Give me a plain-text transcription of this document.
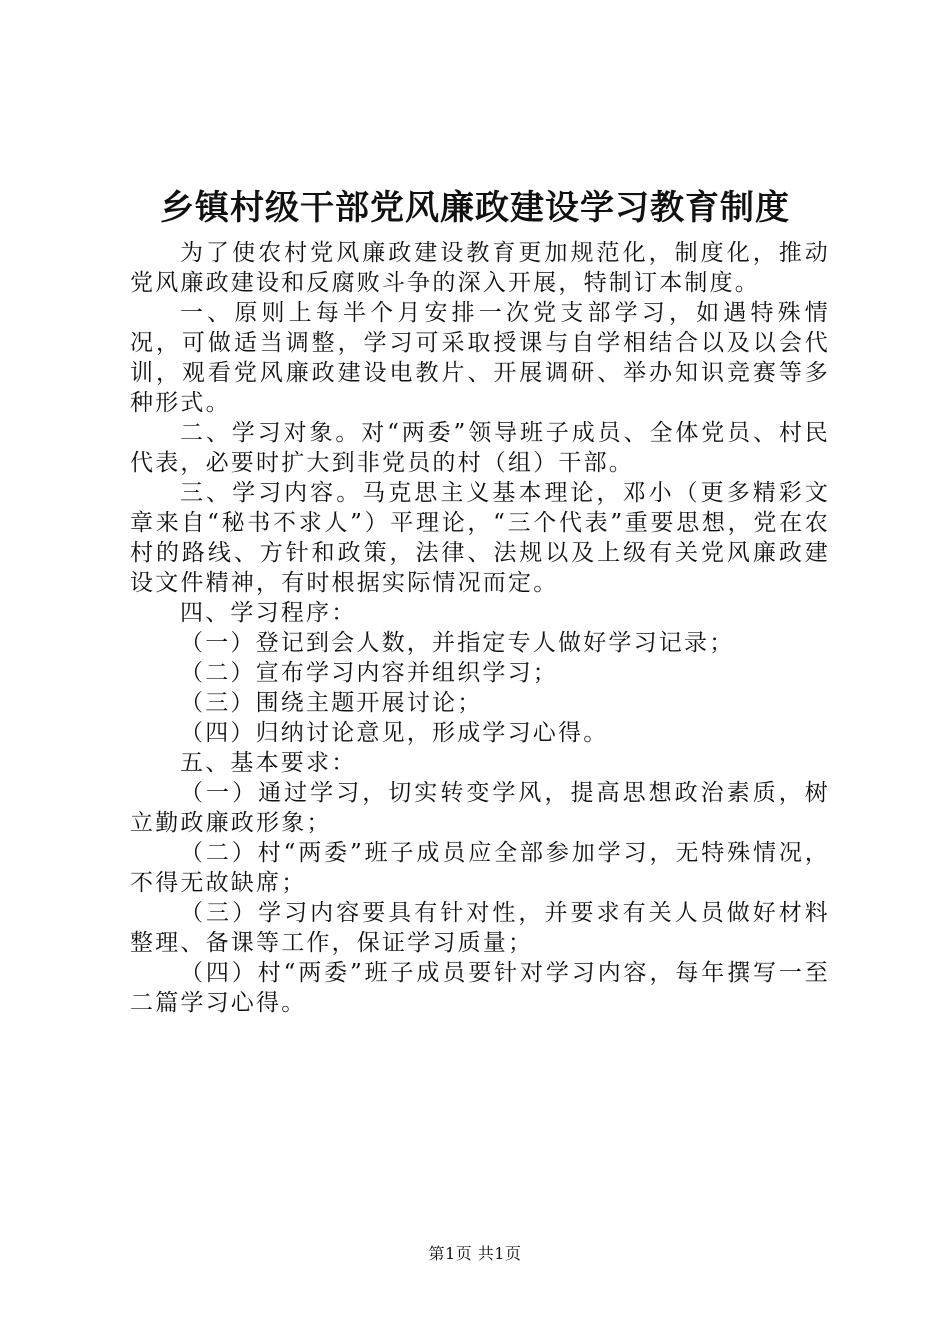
乡镇村级干部党风廉政建设学习教育制度

为了使农村党风廉政建设教育更加规范化，制度化，推动党风廉政建设和反腐败斗争的深入开展，特制订本制度。

一、原则上每半个月安排一次党支部学习，如遇特殊情况，可做适当调整，学习可采取授课与自学相结合以及以会代训，观看党风廉政建设电教片、开展调研、举办知识竞赛等多种形式。

二、学习对象。对“两委”领导班子成员、全体党员、村民代表，必要时扩大到非党员的村（组）干部。

三、学习内容。马克思主义基本理论，邓小（更多精彩文章来自“秘书不求人”）平理论，“三个代表”重要思想，党在农村的路线、方针和政策，法律、法规以及上级有关党风廉政建设文件精神，有时根据实际情况而定。

四、学习程序：

（一）登记到会人数，并指定专人做好学习记录；

（二）宣布学习内容并组织学习；

（三）围绕主题开展讨论；

（四）归纳讨论意见，形成学习心得。

五、基本要求：

（一）通过学习，切实转变学风，提高思想政治素质，树立勤政廉政形象；

（二）村“两委”班子成员应全部参加学习，无特殊情况，不得无故缺席；

（三）学习内容要具有针对性，并要求有关人员做好材料整理、备课等工作，保证学习质量；

（四）村“两委”班子成员要针对学习内容，每年撰写一至二篇学习心得。

第1页 共1页
